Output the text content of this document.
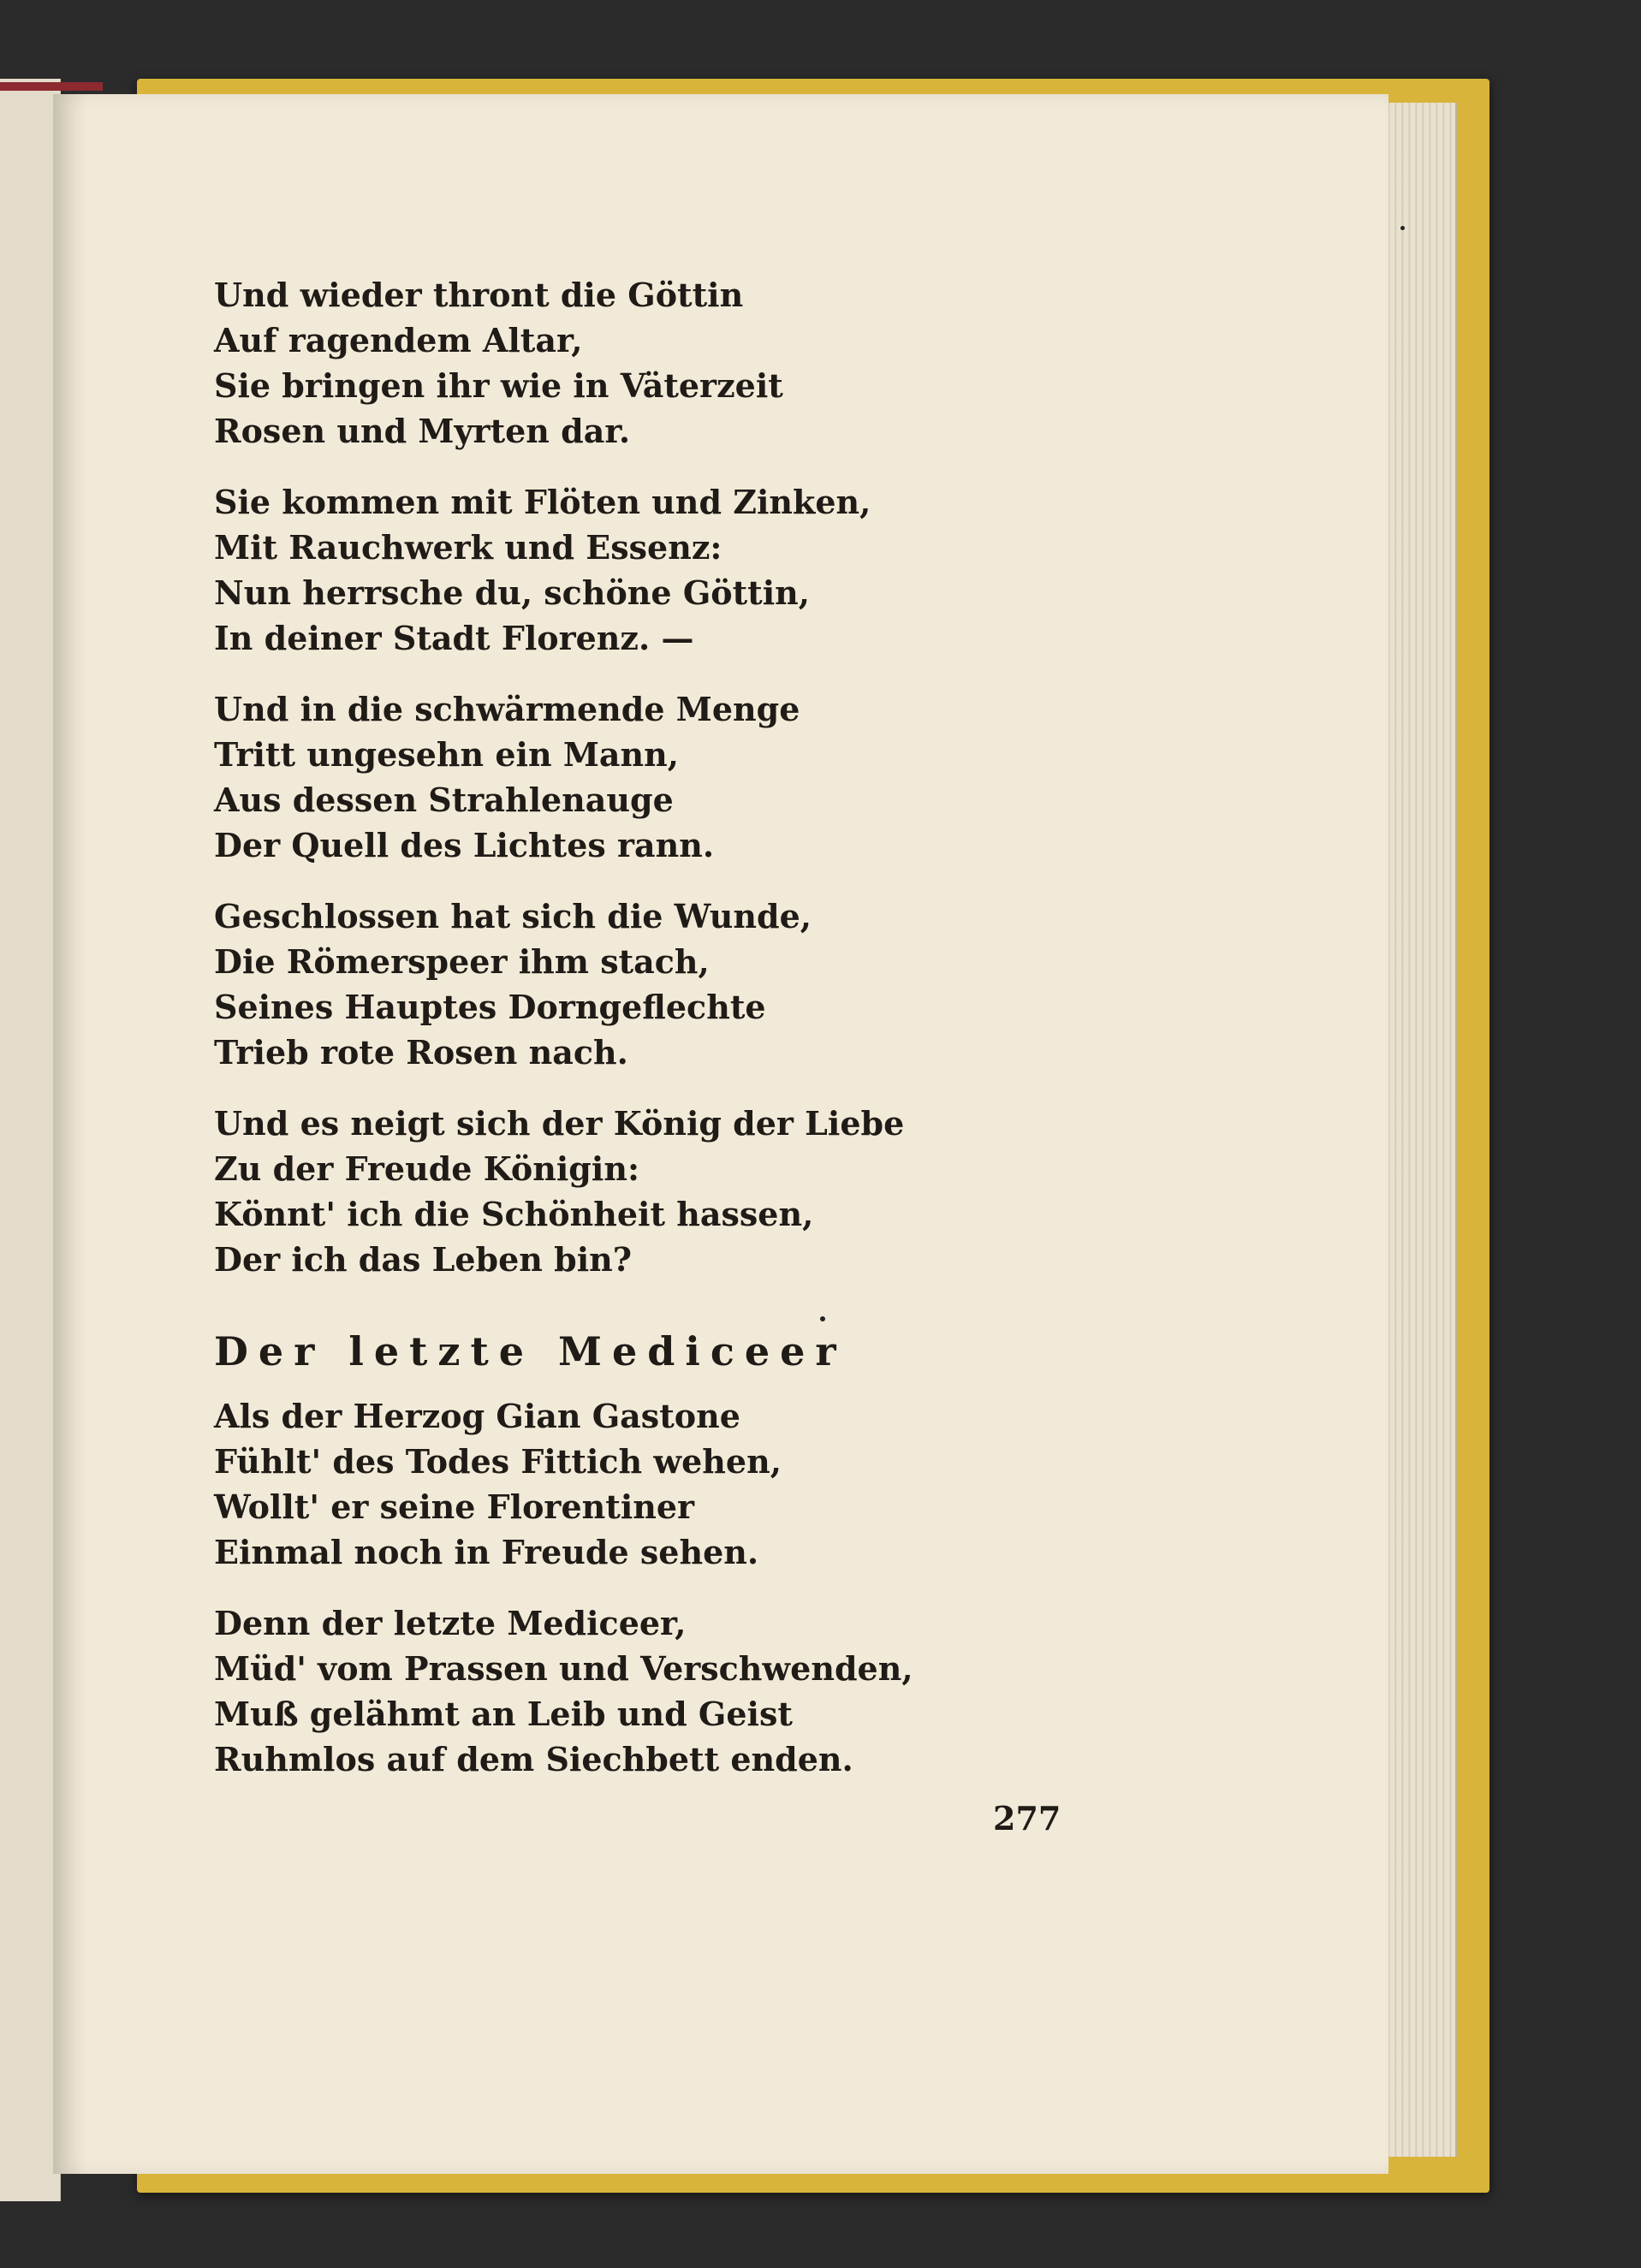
Und wieder thront die Göttin
Auf ragendem Altar,
Sie bringen ihr wie in Väterzeit
Rosen und Myrten dar.
Sie kommen mit Flöten und Zinken,
Mit Rauchwerk und Essenz:
Nun herrsche du, schöne Göttin,
In deiner Stadt Florenz. —
Und in die schwärmende Menge
Tritt ungesehn ein Mann,
Aus dessen Strahlenauge
Der Quell des Lichtes rann.
Geschlossen hat sich die Wunde,
Die Römerspeer ihm stach,
Seines Hauptes Dorngeflechte
Trieb rote Rosen nach.
Und es neigt sich der König der Liebe
Zu der Freude Königin:
Könnt' ich die Schönheit hassen,
Der ich das Leben bin?
Der letzte Mediceer
Als der Herzog Gian Gastone
Fühlt' des Todes Fittich wehen,
Wollt' er seine Florentiner
Einmal noch in Freude sehen.
Denn der letzte Mediceer,
Müd' vom Prassen und Verschwenden,
Muß gelähmt an Leib und Geist
Ruhmlos auf dem Siechbett enden.
277
